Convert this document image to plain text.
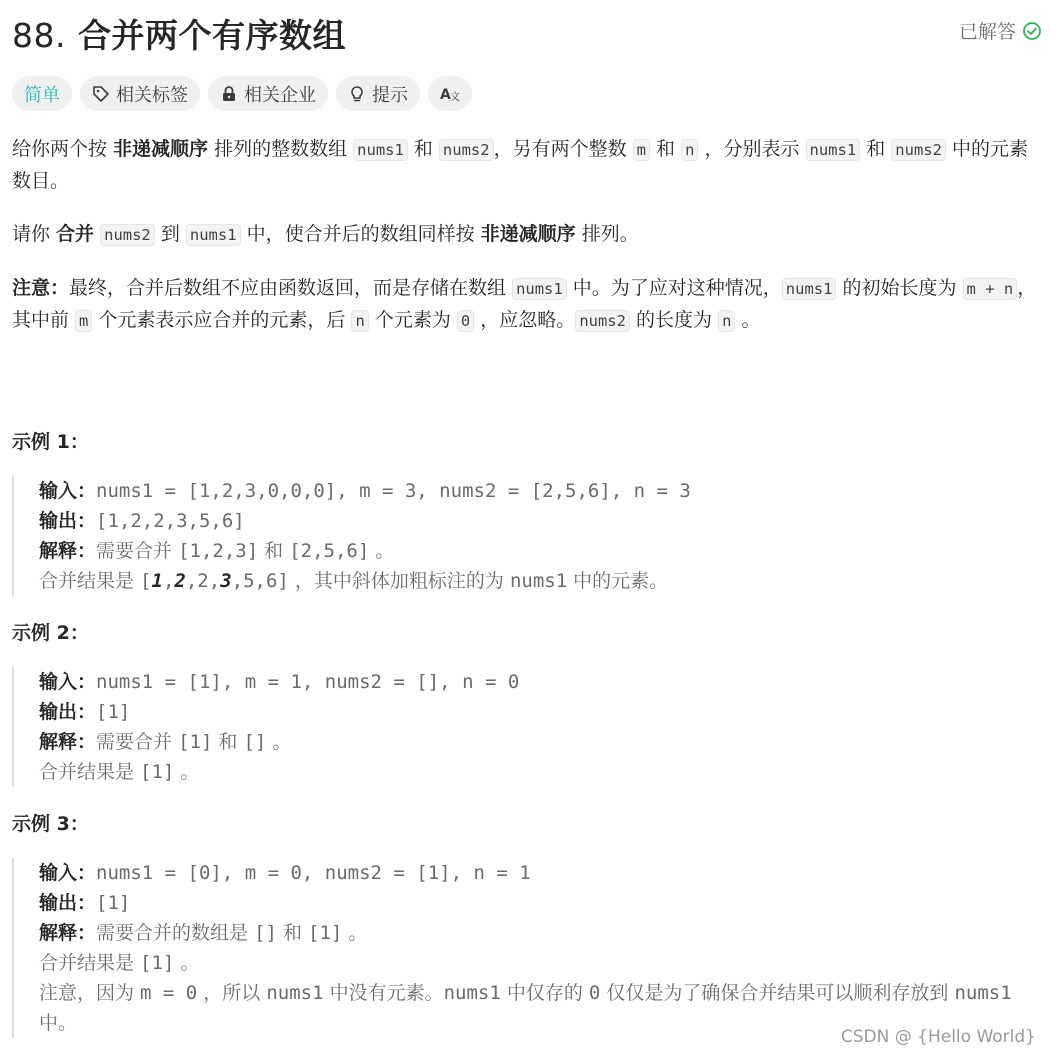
88. 合并两个有序数组	已解答
简单	相关标签	相关企业	提示 A 文
给你两个按 非递减顺序 排列的整数数组 nums1 和 nums2 ，另有两个整数 m 和 n ，分别表示 nums1 和 nums2 中的元素数目。
请你 合并 nums2 到 nums1 中，使合并后的数组同样按 非递减顺序 排列。
注意：最终，合并后数组不应由函数返回，而是存储在数组 nums1 中。为了应对这种情况， nums1 的初始长度为 m + n ，其中前 m 个元素表示应合并的元素，后 n 个元素为 0 ，应忽略。 nums2 的长度为 n 。
示例 1：
输入：nums1 = [1,2,3,0,0,0], m = 3, nums2 = [2,5,6], n = 3
输出：[1,2,2,3,5,6]
解释：需要合并 [1,2,3] 和 [2,5,6] 。
合并结果是 [1,2,2,3,5,6] ，其中斜体加粗标注的为 nums1 中的元素。
示例 2：
输入：nums1 = [1], m = 1, nums2 = [], n = 0
输出：[1]
解释：需要合并 [1] 和 [] 。
合并结果是 [1] 。
示例 3：
输入：nums1 = [0], m = 0, nums2 = [1], n = 1
输出：[1]
解释：需要合并的数组是 [] 和 [1] 。
合并结果是 [1] 。
注意，因为 m = 0 ，所以 nums1 中没有元素。nums1 中仅存的 0 仅仅是为了确保合并结果可以顺利存放到 nums1 中。
CSDN @ {Hello World}
